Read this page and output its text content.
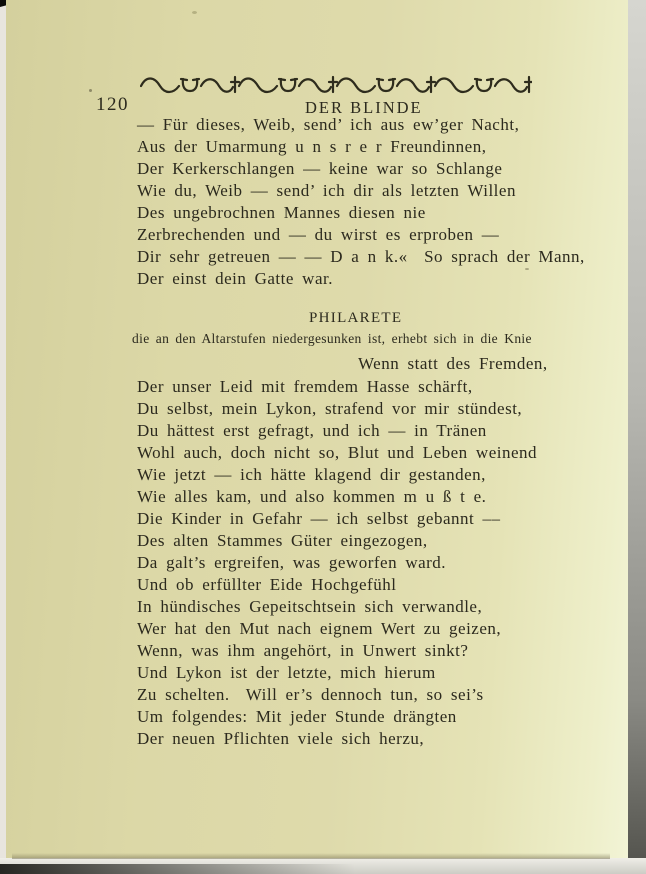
120	DER BLINDE
— Für dieses, Weib, send’ ich aus ew’ger Nacht,
Aus der Umarmung u n s r e r Freundinnen,
Der Kerkerschlangen — keine war so Schlange
Wie du, Weib — send’ ich dir als letzten Willen
Des ungebrochnen Mannes diesen nie
Zerbrechenden und — du wirst es erproben —
Dir sehr getreuen — — D a n k.«  So sprach der Mann,
Der einst dein Gatte war.
PHILARETE
die an den Altarstufen niedergesunken ist, erhebt sich in die Knie
Wenn statt des Fremden,
Der unser Leid mit fremdem Hasse schärft,
Du selbst, mein Lykon, strafend vor mir stündest,
Du hättest erst gefragt, und ich — in Tränen
Wohl auch, doch nicht so, Blut und Leben weinend
Wie jetzt — ich hätte klagend dir gestanden,
Wie alles kam, und also kommen m u ß t e.
Die Kinder in Gefahr — ich selbst gebannt ––
Des alten Stammes Güter eingezogen,
Da galt’s ergreifen, was geworfen ward.
Und ob erfüllter Eide Hochgefühl
In hündisches Gepeitschtsein sich verwandle,
Wer hat den Mut nach eignem Wert zu geizen,
Wenn, was ihm angehört, in Unwert sinkt?
Und Lykon ist der letzte, mich hierum
Zu schelten.  Will er’s dennoch tun, so sei’s
Um folgendes: Mit jeder Stunde drängten
Der neuen Pflichten viele sich herzu,
